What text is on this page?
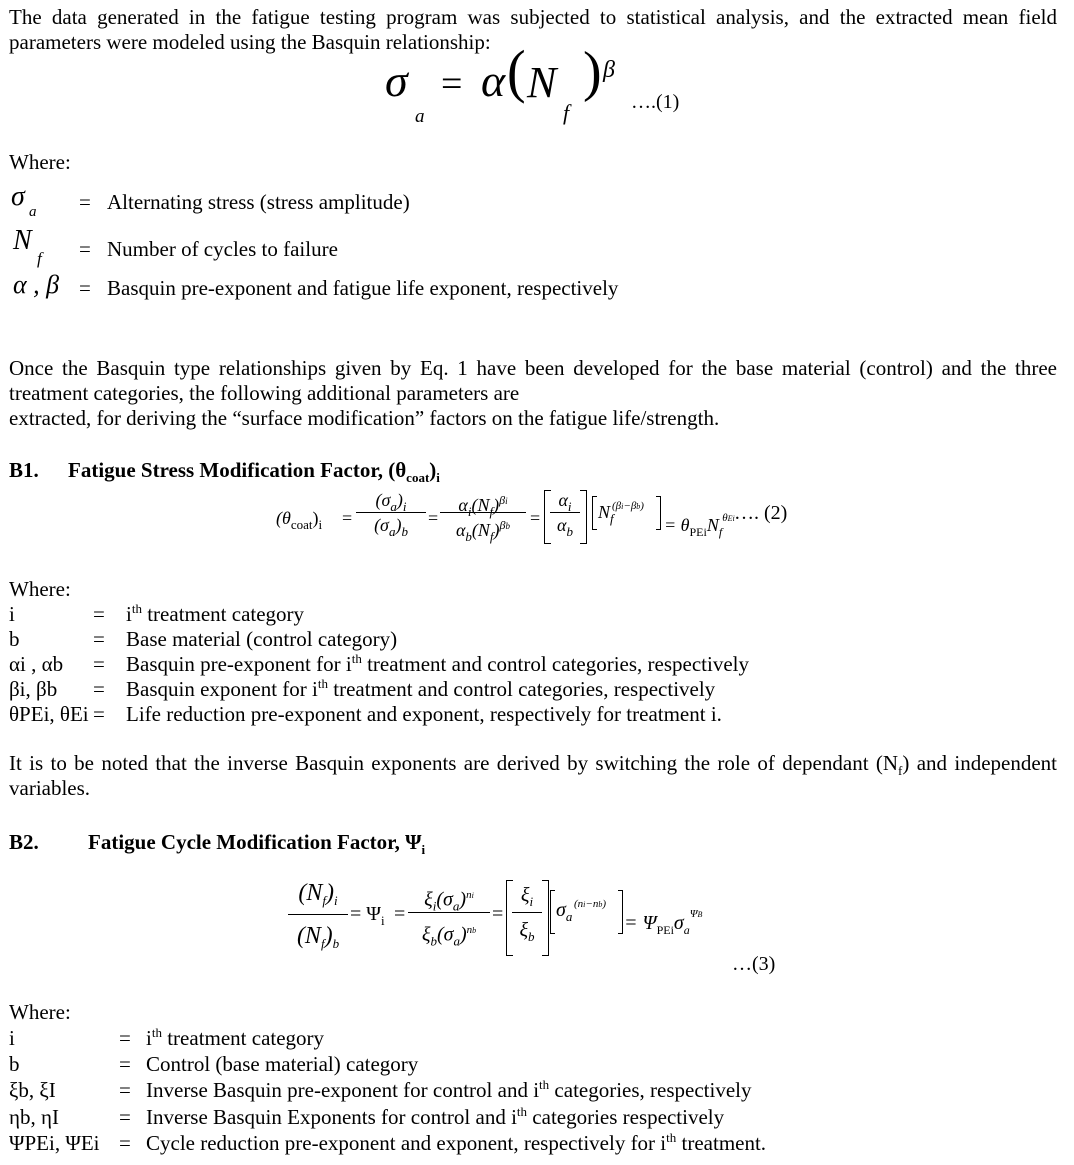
The data generated in the fatigue testing program was subjected to statistical analysis, and the extracted mean field parameters were modeled using the Basquin relationship:
σ
a
= α ( N
f
) β
….(1)
Where:
σ a = Alternating stress (stress amplitude)
N
f = Number of cycles to failure
α , β = Basquin pre-exponent and fatigue life exponent, respectively
Once the Basquin type relationships given by Eq. 1 have been developed for the base material (control) and the three treatment categories, the following additional parameters are
extracted, for deriving the “surface modification” factors on the fatigue life/strength.
B1. Fatigue Stress Modification Factor, $(\theta_{coat})_i$
$(\theta_{coat})_i$ =
$(\sigma_a)_i$
$(\sigma_a)_b$
=
$\alpha_i(N_f)^{\beta i}$
$\alpha_b(N_f)^{\beta b}$	=
$\alpha_i$
$\alpha_b$
$N_f$
(βi−βb)
= $\theta_{PEi}N_f^{\theta Ei}$ …. (2)
Where:
i	= $i^{th}$ treatment category
b	= Base material (control category)
αi , αb = Basquin pre-exponent for $i^{th}$ treatment and control categories, respectively
βi, βb = Basquin exponent for $i^{th}$ treatment and control categories, respectively
θPEi, θEi = Life reduction pre-exponent and exponent, respectively for treatment i.
It is to be noted that the inverse Basquin exponents are derived by switching the role of dependant $(N_f)$ and independent variables.
B2. Fatigue Cycle Modification Factor, $\Psi_i$
$(N_f)_i$
$(N_f)_b$
= $\Psi_i$ =
$\xi_i(\sigma_a)^{ni}$
$\xi_b(\sigma_a)^{nb}$
=
$\xi_i$
$\xi_b$
$\sigma_a$
(ni−nb)
= $\Psi_{PEi}\sigma_a^{\Psi B}$
…(3)
Where:
i	= $i^{th}$ treatment category
b	= Control (base material) category
ξb, ξI	= Inverse Basquin pre-exponent for control and $i^{th}$ categories, respectively
ηb, ηI	= Inverse Basquin Exponents for control and $i^{th}$ categories respectively
ΨPEi, ΨEi = Cycle reduction pre-exponent and exponent, respectively for $i^{th}$ treatment.
